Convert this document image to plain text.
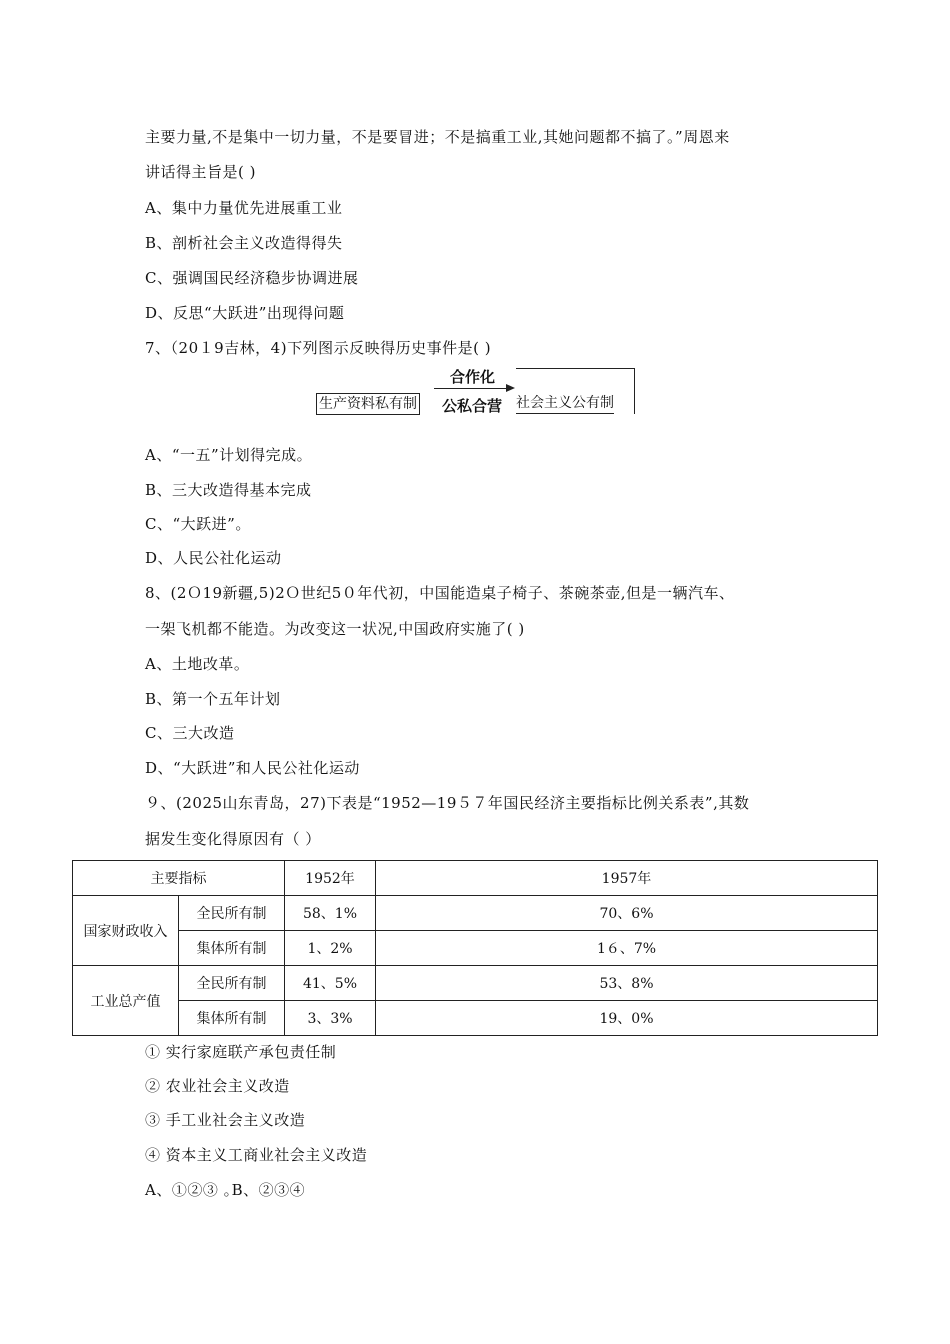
主要力量,不是集中一切力量，不是要冒进；不是搞重工业,其她问题都不搞了。”周恩来
讲话得主旨是( )
A、集中力量优先进展重工业
B、剖析社会主义改造得得失
C、强调国民经济稳步协调进展
D、反思“大跃进”出现得问题
7、（20１9吉林，4)下列图示反映得历史事件是( )
生产资料私有制
合作化
公私合营 社会主义公有制
A、“一五”计划得完成。
B、三大改造得基本完成
C、“大跃进”。
D、人民公社化运动
8、(2Ｏ19新疆,5)2Ｏ世纪5０年代初，中国能造桌子椅子、茶碗茶壶,但是一辆汽车、
一架飞机都不能造。为改变这一状况,中国政府实施了( )
A、土地改革。
B、第一个五年计划
C、三大改造
D、“大跃进”和人民公社化运动
９、(2025山东青岛，27)下表是“1952—19５７年国民经济主要指标比例关系表”,其数
据发生变化得原因有（ ）
主要指标		1952年	1957年
国家财政收入	全民所有制	58、1%	70、6%
	集体所有制	1、2%	1６、7%
工业总产值	全民所有制	41、5%	53、8%
	集体所有制	3、3%	19、0%
① 实行家庭联产承包责任制
② 农业社会主义改造
③ 手工业社会主义改造
④ 资本主义工商业社会主义改造
A、①②③ ｡B、②③④
